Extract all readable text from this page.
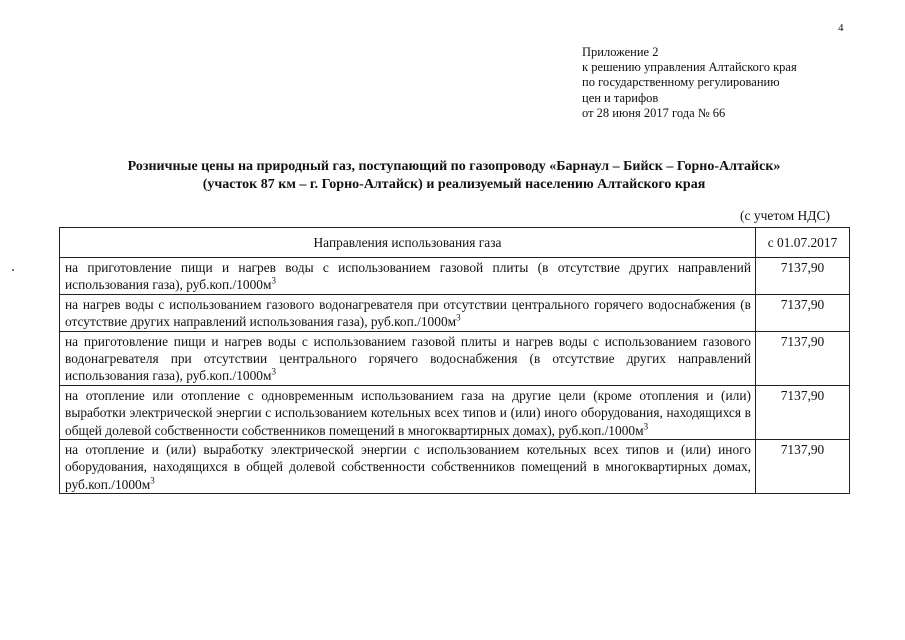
4
Приложение 2
к решению управления Алтайского края
по государственному регулированию
цен и тарифов
от 28 июня 2017 года № 66
Розничные цены на природный газ, поступающий по газопроводу «Барнаул – Бийск – Горно-Алтайск»
(участок 87 км – г. Горно-Алтайск) и реализуемый населению Алтайского края
(с учетом НДС)
Направления использования газа	с 01.07.2017
на приготовление пищи и нагрев воды с использованием газовой плиты (в отсутствие других направлений использования газа), $руб.коп./1000м^3$	7137,90
на нагрев воды с использованием газового водонагревателя при отсутствии центрального горячего водоснабжения (в отсутствие других направлений использования газа), $руб.коп./1000м^3$	7137,90
на приготовление пищи и нагрев воды с использованием газовой плиты и нагрев воды с использованием газового водонагревателя при отсутствии центрального горячего водоснабжения (в отсутствие других направлений использования газа), $руб.коп./1000м^3$	7137,90
на отопление или отопление с одновременным использованием газа на другие цели (кроме отопления и (или) выработки электрической энергии с использованием котельных всех типов и (или) иного оборудования, находящихся в общей долевой собственности собственников помещений в многоквартирных домах), $руб.коп./1000м^3$	7137,90
на отопление и (или) выработку электрической энергии с использованием котельных всех типов и (или) иного оборудования, находящихся в общей долевой собственности собственников помещений в многоквартирных домах, $руб.коп./1000м^3$	7137,90
